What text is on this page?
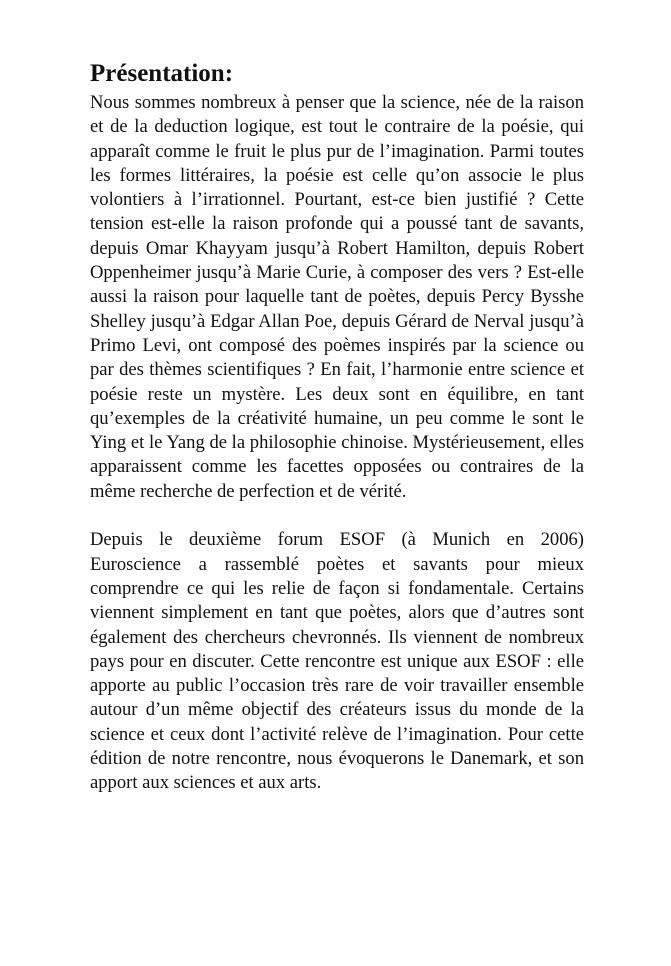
Présentation:

Nous sommes nombreux à penser que la science, née de la raison et de la deduction logique, est tout le contraire de la poésie, qui apparaît comme le fruit le plus pur de l’imagination. Parmi toutes les formes littéraires, la poésie est celle qu’on associe le plus volontiers à l’irrationnel. Pourtant, est-ce bien justifié ? Cette tension est-elle la raison profonde qui a poussé tant de savants, depuis Omar Khayyam jusqu’à Robert Hamilton, depuis Robert Oppenheimer jusqu’à Marie Curie, à composer des vers ? Est-elle aussi la raison pour laquelle tant de poètes, depuis Percy Bysshe Shelley jusqu’à Edgar Allan Poe, depuis Gérard de Nerval jusqu’à Primo Levi, ont composé des poèmes inspirés par la science ou par des thèmes scientifiques ? En fait, l’harmonie entre science et poésie reste un mystère. Les deux sont en équilibre, en tant qu’exemples de la créativité humaine, un peu comme le sont le Ying et le Yang de la philosophie chinoise. Mystérieusement, elles apparaissent comme les facettes opposées ou contraires de la même recherche de perfection et de vérité.

Depuis le deuxième forum ESOF (à Munich en 2006) Euroscience a rassemblé poètes et savants pour mieux comprendre ce qui les relie de façon si fondamentale. Certains viennent simplement en tant que poètes, alors que d’autres sont également des chercheurs chevronnés. Ils viennent de nombreux pays pour en discuter. Cette rencontre est unique aux ESOF : elle apporte au public l’occasion très rare de voir travailler ensemble autour d’un même objectif des créateurs issus du monde de la science et ceux dont l’activité relève de l’imagination. Pour cette édition de notre rencontre, nous évoquerons le Danemark, et son apport aux sciences et aux arts.
